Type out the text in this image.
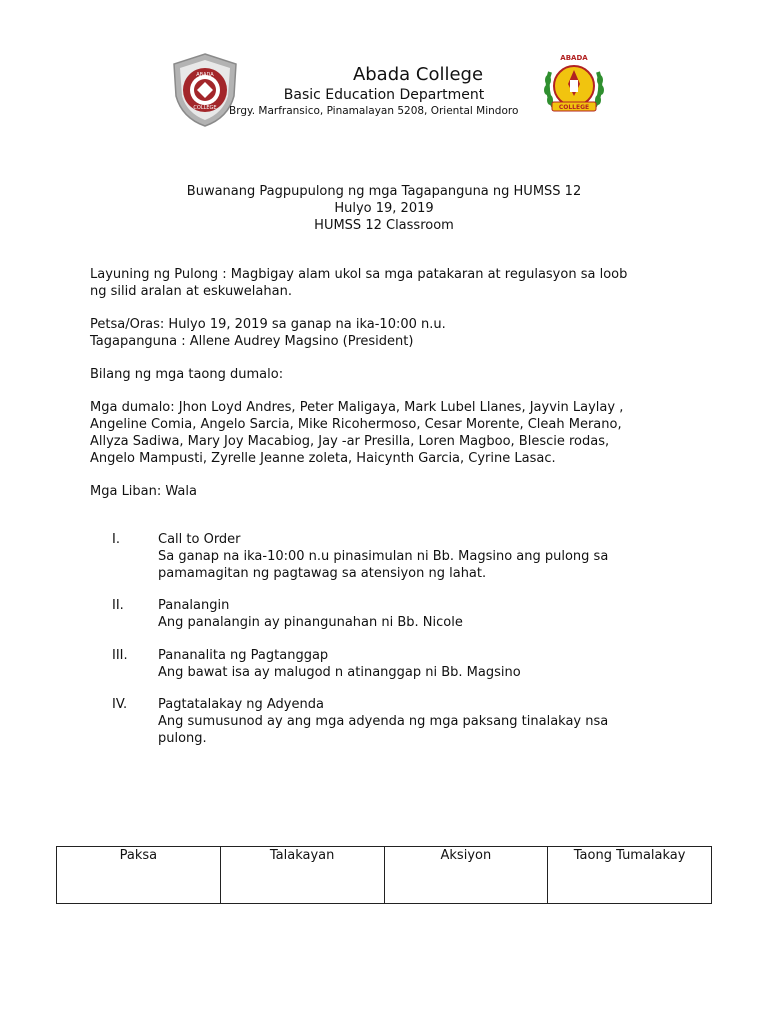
ABADA
COLLEGE
ABADA
COLLEGE
Abada College
Basic Education Department
Brgy. Marfransico, Pinamalayan 5208, Oriental Mindoro
Buwanang Pagpupulong ng mga Tagapanguna ng HUMSS 12
Hulyo 19, 2019
HUMSS 12 Classroom
Layuning ng Pulong : Magbigay alam ukol sa mga patakaran at regulasyon sa loob
ng silid aralan at eskuwelahan.
Petsa/Oras: Hulyo 19, 2019 sa ganap na ika-10:00 n.u.
Tagapanguna : Allene Audrey Magsino (President)
Bilang ng mga taong dumalo:
Mga dumalo: Jhon Loyd Andres, Peter Maligaya, Mark Lubel Llanes, Jayvin Laylay ,
Angeline Comia, Angelo Sarcia, Mike Ricohermoso, Cesar Morente, Cleah Merano,
Allyza Sadiwa, Mary Joy Macabiog, Jay -ar Presilla, Loren Magboo, Blescie rodas,
Angelo Mampusti, Zyrelle Jeanne zoleta, Haicynth Garcia, Cyrine Lasac.
Mga Liban: Wala
I.	Call to Order
Sa ganap na ika-10:00 n.u pinasimulan ni Bb. Magsino ang pulong sa
pamamagitan ng pagtawag sa atensiyon ng lahat.
II.	Panalangin
Ang panalangin ay pinangunahan ni Bb. Nicole
III. Pananalita ng Pagtanggap
Ang bawat isa ay malugod n atinanggap ni Bb. Magsino
IV. Pagtatalakay ng Adyenda
Ang sumusunod ay ang mga adyenda ng mga paksang tinalakay nsa
pulong.
Paksa	Talakayan	Aksiyon	Taong Tumalakay
